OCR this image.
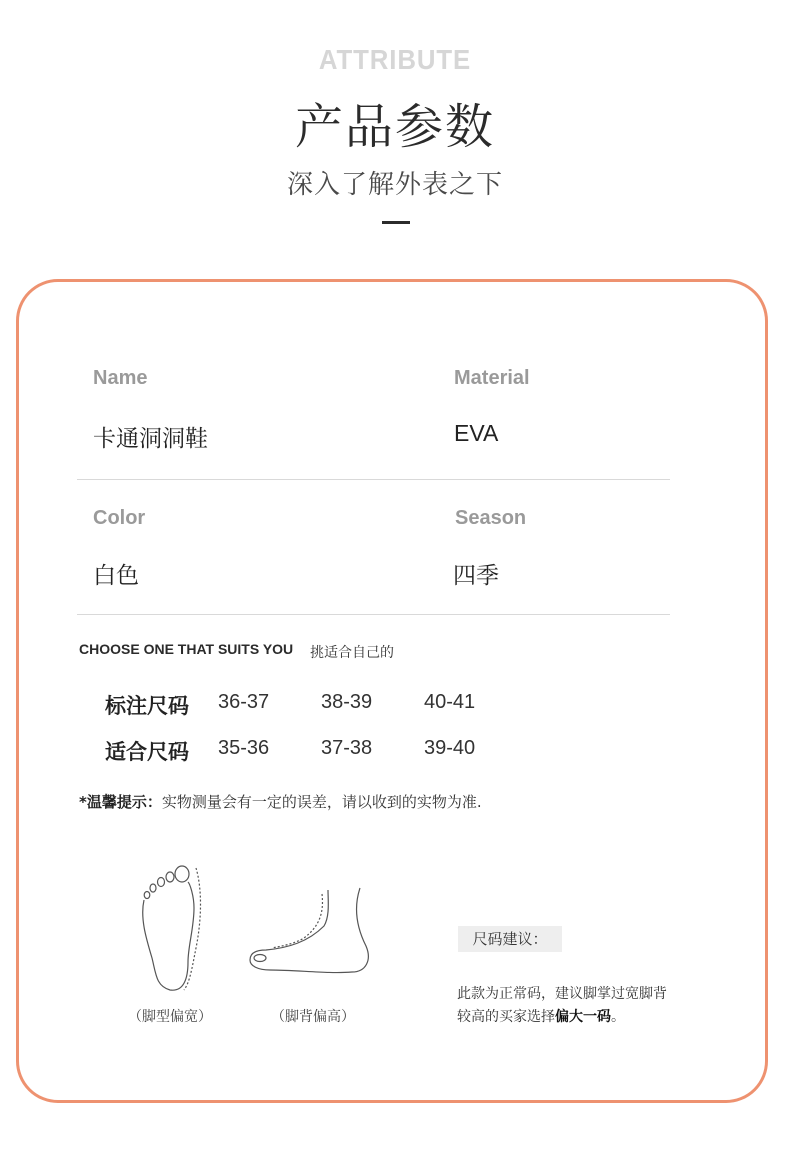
ATTRIBUTE
产品参数
深入了解外表之下
Name
卡通洞洞鞋
Material
EVA
Color
白色
Season
四季
CHOOSE ONE THAT SUITS YOU 挑适合自己的
标注尺码 36-37	38-39	40-41
适合尺码 35-36	37-38	39-40
*温馨提示：实物测量会有一定的误差，请以收到的实物为准.
（脚型偏宽）	（脚背偏高）
尺码建议：
此款为正常码，建议脚掌过宽脚背
较高的买家选择偏大一码。
